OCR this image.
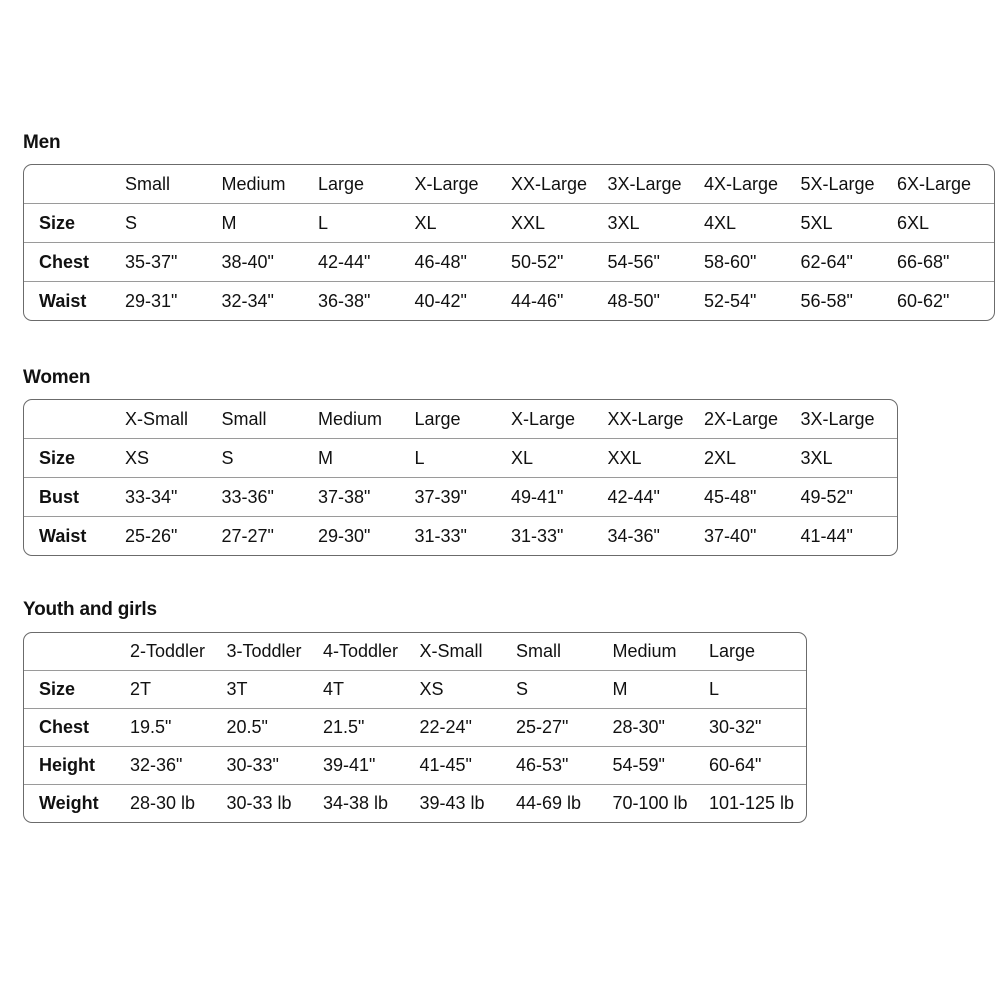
Men
	Small	Medium	Large	X-Large	XX-Large	3X-Large	4X-Large	5X-Large	6X-Large
Size	S	M	L	XL	XXL	3XL	4XL	5XL	6XL
Chest	35-37"	38-40"	42-44"	46-48"	50-52"	54-56"	58-60"	62-64"	66-68"
Waist	29-31"	32-34"	36-38"	40-42"	44-46"	48-50"	52-54"	56-58"	60-62"
Women
	X-Small	Small	Medium	Large	X-Large	XX-Large	2X-Large	3X-Large
Size	XS	S	M	L	XL	XXL	2XL	3XL
Bust	33-34"	33-36"	37-38"	37-39"	49-41"	42-44"	45-48"	49-52"
Waist	25-26"	27-27"	29-30"	31-33"	31-33"	34-36"	37-40"	41-44"
Youth and girls
	2-Toddler	3-Toddler	4-Toddler	X-Small	Small	Medium	Large
Size	2T	3T	4T	XS	S	M	L
Chest	19.5"	20.5"	21.5"	22-24"	25-27"	28-30"	30-32"
Height	32-36"	30-33"	39-41"	41-45"	46-53"	54-59"	60-64"
Weight	28-30 lb	30-33 lb	34-38 lb	39-43 lb	44-69 lb	70-100 lb	101-125 lb
